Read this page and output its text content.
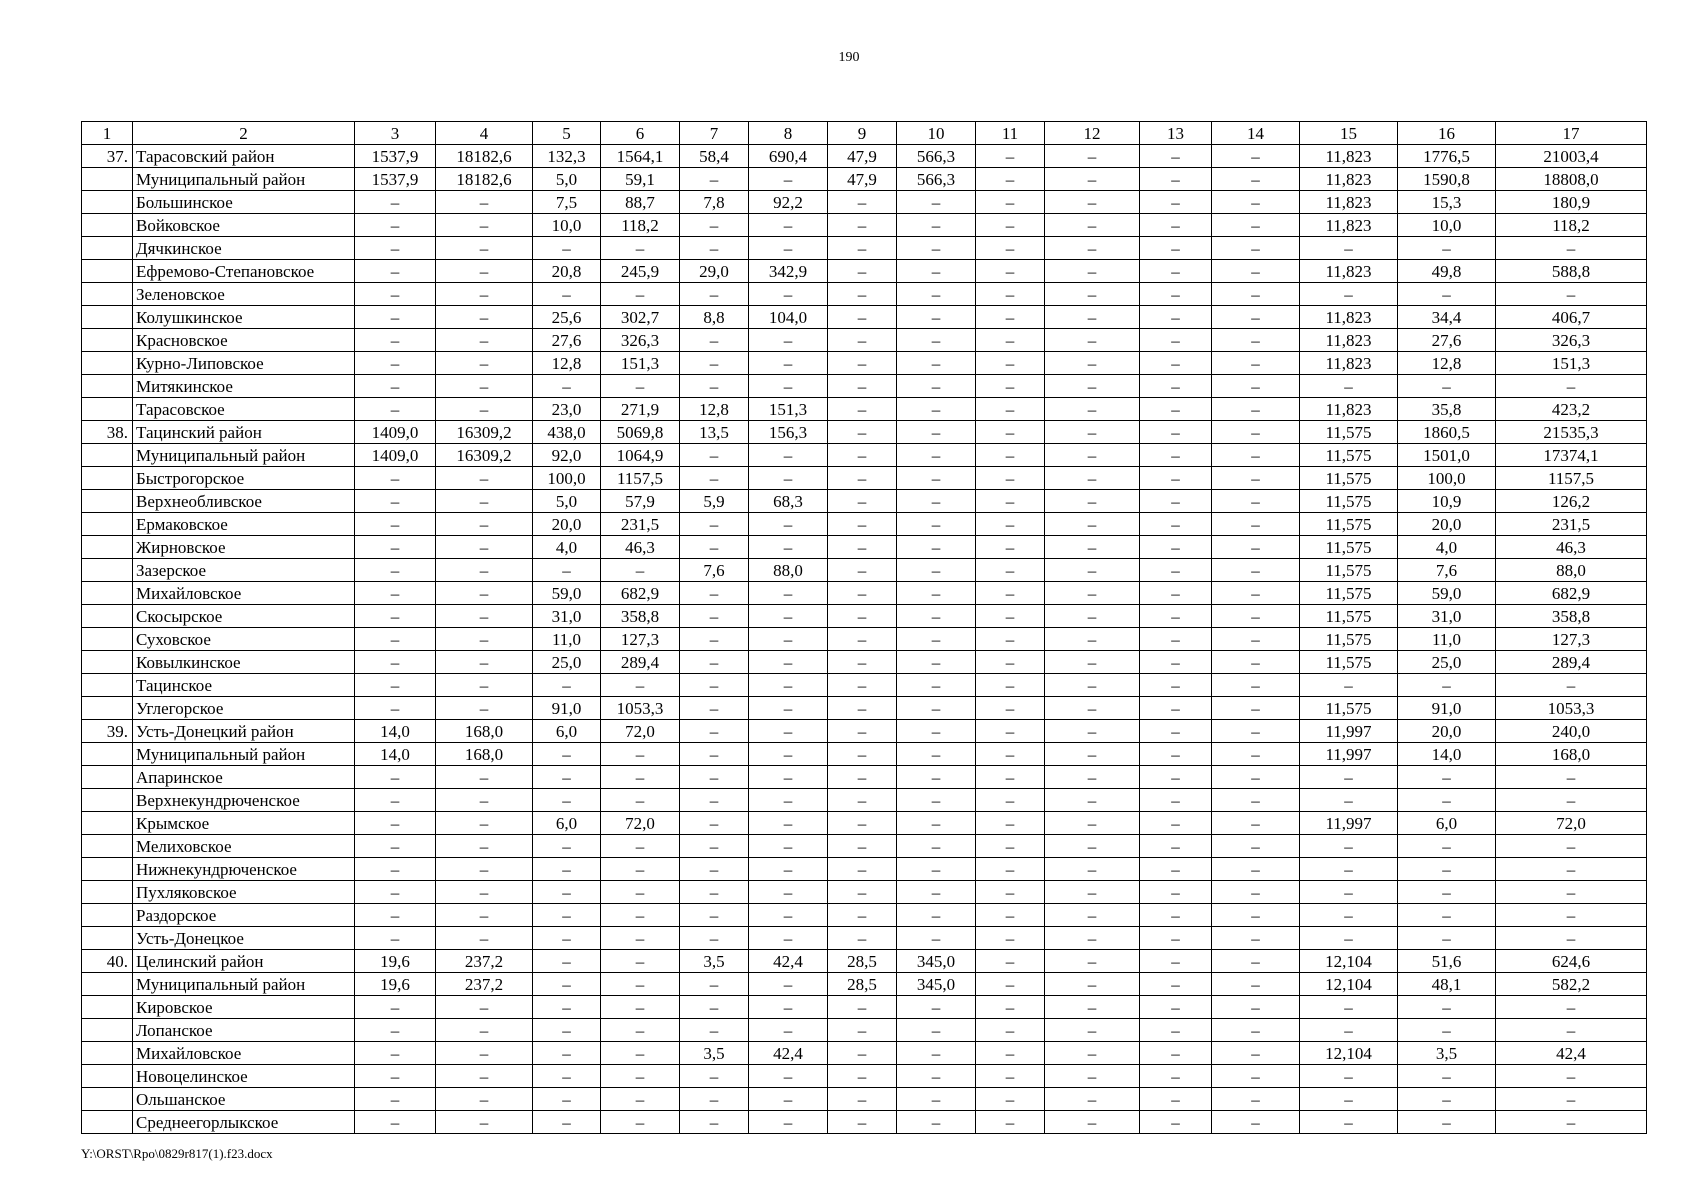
190
1	2	3	4	5	6	7	8	9	10	11	12	13	14	15	16	17
37.	Тарасовский район	1537,9	18182,6	132,3	1564,1	58,4	690,4	47,9	566,3	–	–	–	–	11,823	1776,5	21003,4
	Муниципальный район	1537,9	18182,6	5,0	59,1	–	–	47,9	566,3	–	–	–	–	11,823	1590,8	18808,0
	Большинское	–	–	7,5	88,7	7,8	92,2	–	–	–	–	–	–	11,823	15,3	180,9
	Войковское	–	–	10,0	118,2	–	–	–	–	–	–	–	–	11,823	10,0	118,2
	Дячкинское	–	–	–	–	–	–	–	–	–	–	–	–	–	–	–
	Ефремово-Степановское	–	–	20,8	245,9	29,0	342,9	–	–	–	–	–	–	11,823	49,8	588,8
	Зеленовское	–	–	–	–	–	–	–	–	–	–	–	–	–	–	–
	Колушкинское	–	–	25,6	302,7	8,8	104,0	–	–	–	–	–	–	11,823	34,4	406,7
	Красновское	–	–	27,6	326,3	–	–	–	–	–	–	–	–	11,823	27,6	326,3
	Курно-Липовское	–	–	12,8	151,3	–	–	–	–	–	–	–	–	11,823	12,8	151,3
	Митякинское	–	–	–	–	–	–	–	–	–	–	–	–	–	–	–
	Тарасовское	–	–	23,0	271,9	12,8	151,3	–	–	–	–	–	–	11,823	35,8	423,2
38.	Тацинский район	1409,0	16309,2	438,0	5069,8	13,5	156,3	–	–	–	–	–	–	11,575	1860,5	21535,3
	Муниципальный район	1409,0	16309,2	92,0	1064,9	–	–	–	–	–	–	–	–	11,575	1501,0	17374,1
	Быстрогорское	–	–	100,0	1157,5	–	–	–	–	–	–	–	–	11,575	100,0	1157,5
	Верхнеобливское	–	–	5,0	57,9	5,9	68,3	–	–	–	–	–	–	11,575	10,9	126,2
	Ермаковское	–	–	20,0	231,5	–	–	–	–	–	–	–	–	11,575	20,0	231,5
	Жирновское	–	–	4,0	46,3	–	–	–	–	–	–	–	–	11,575	4,0	46,3
	Зазерское	–	–	–	–	7,6	88,0	–	–	–	–	–	–	11,575	7,6	88,0
	Михайловское	–	–	59,0	682,9	–	–	–	–	–	–	–	–	11,575	59,0	682,9
	Скосырское	–	–	31,0	358,8	–	–	–	–	–	–	–	–	11,575	31,0	358,8
	Суховское	–	–	11,0	127,3	–	–	–	–	–	–	–	–	11,575	11,0	127,3
	Ковылкинское	–	–	25,0	289,4	–	–	–	–	–	–	–	–	11,575	25,0	289,4
	Тацинское	–	–	–	–	–	–	–	–	–	–	–	–	–	–	–
	Углегорское	–	–	91,0	1053,3	–	–	–	–	–	–	–	–	11,575	91,0	1053,3
39.	Усть-Донецкий район	14,0	168,0	6,0	72,0	–	–	–	–	–	–	–	–	11,997	20,0	240,0
	Муниципальный район	14,0	168,0	–	–	–	–	–	–	–	–	–	–	11,997	14,0	168,0
	Апаринское	–	–	–	–	–	–	–	–	–	–	–	–	–	–	–
	Верхнекундрюченское	–	–	–	–	–	–	–	–	–	–	–	–	–	–	–
	Крымское	–	–	6,0	72,0	–	–	–	–	–	–	–	–	11,997	6,0	72,0
	Мелиховское	–	–	–	–	–	–	–	–	–	–	–	–	–	–	–
	Нижнекундрюченское	–	–	–	–	–	–	–	–	–	–	–	–	–	–	–
	Пухляковское	–	–	–	–	–	–	–	–	–	–	–	–	–	–	–
	Раздорское	–	–	–	–	–	–	–	–	–	–	–	–	–	–	–
	Усть-Донецкое	–	–	–	–	–	–	–	–	–	–	–	–	–	–	–
40.	Целинский район	19,6	237,2	–	–	3,5	42,4	28,5	345,0	–	–	–	–	12,104	51,6	624,6
	Муниципальный район	19,6	237,2	–	–	–	–	28,5	345,0	–	–	–	–	12,104	48,1	582,2
	Кировское	–	–	–	–	–	–	–	–	–	–	–	–	–	–	–
	Лопанское	–	–	–	–	–	–	–	–	–	–	–	–	–	–	–
	Михайловское	–	–	–	–	3,5	42,4	–	–	–	–	–	–	12,104	3,5	42,4
	Новоцелинское	–	–	–	–	–	–	–	–	–	–	–	–	–	–	–
	Ольшанское	–	–	–	–	–	–	–	–	–	–	–	–	–	–	–
	Среднеегорлыкское	–	–	–	–	–	–	–	–	–	–	–	–	–	–	–
Y:\ORST\Rpo\0829r817(1).f23.docx
